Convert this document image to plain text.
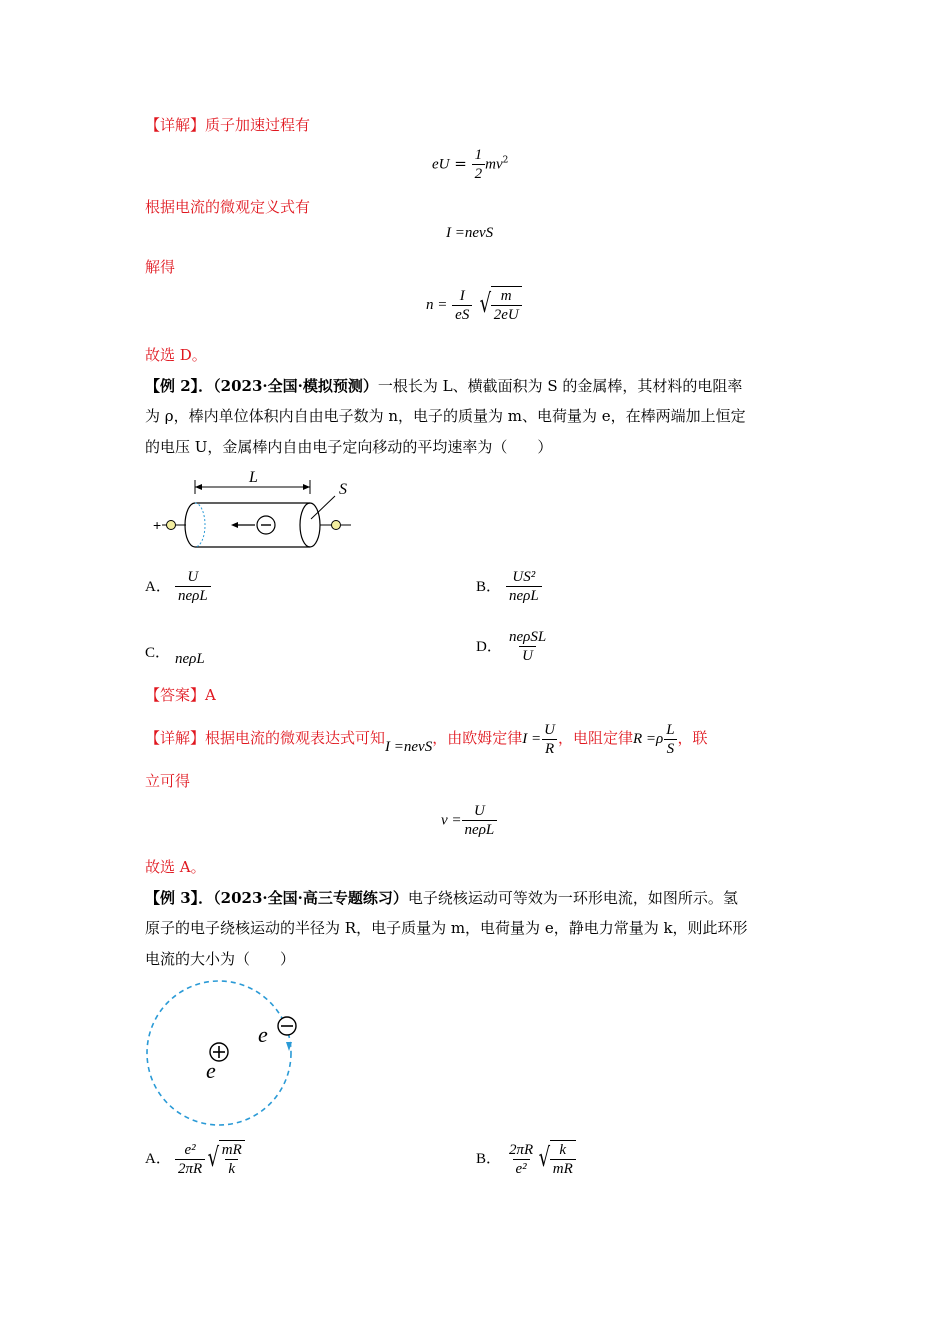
【详解】质子加速过程有
eU = $\frac{1}{2} mv^2$
根据电流的微观定义式有
I =nevS
解得
$n = \frac{I}{eS}$
√ $\frac{m}{2eU}$
故选 D。
【例 2】．（2023·全国·模拟预测）一根长为 L、横截面积为 S 的金属棒，其材料的电阻率
为 ρ，棒内单位体积内自由电子数为 n，电子的质量为 m、电荷量为 e，在棒两端加上恒定
的电压 U，金属棒内自由电子定向移动的平均速率为（　　）
+
L
S
A． $\frac{U}{\text{neρL}}$	B． $\frac{\text{US²}}{\text{neρL}}$
C． neρL
D． $\frac{\text{neρSL}}{U}$
【答案】A
【详解】根据电流的微观表达式可知I =nevS，由欧姆定律$I = \frac{U}{R}$ ，电阻定律$R =\rho \frac{L}{S}$ ，联
立可得
$v = \frac{U}{\text{neρL}}$
故选 A。
【例 3】．（2023·全国·高三专题练习）电子绕核运动可等效为一环形电流，如图所示。氢
原子的电子绕核运动的半径为 R，电子质量为 m，电荷量为 e，静电力常量为 k，则此环形
电流的大小为（　　）
e
e
A． $\frac{\text{e²}}{2\pi R}$ √ $\frac{mR}{k}$	B． $\frac{2\pi R}{\text{e²}}$ √ $\frac{k}{mR}$
